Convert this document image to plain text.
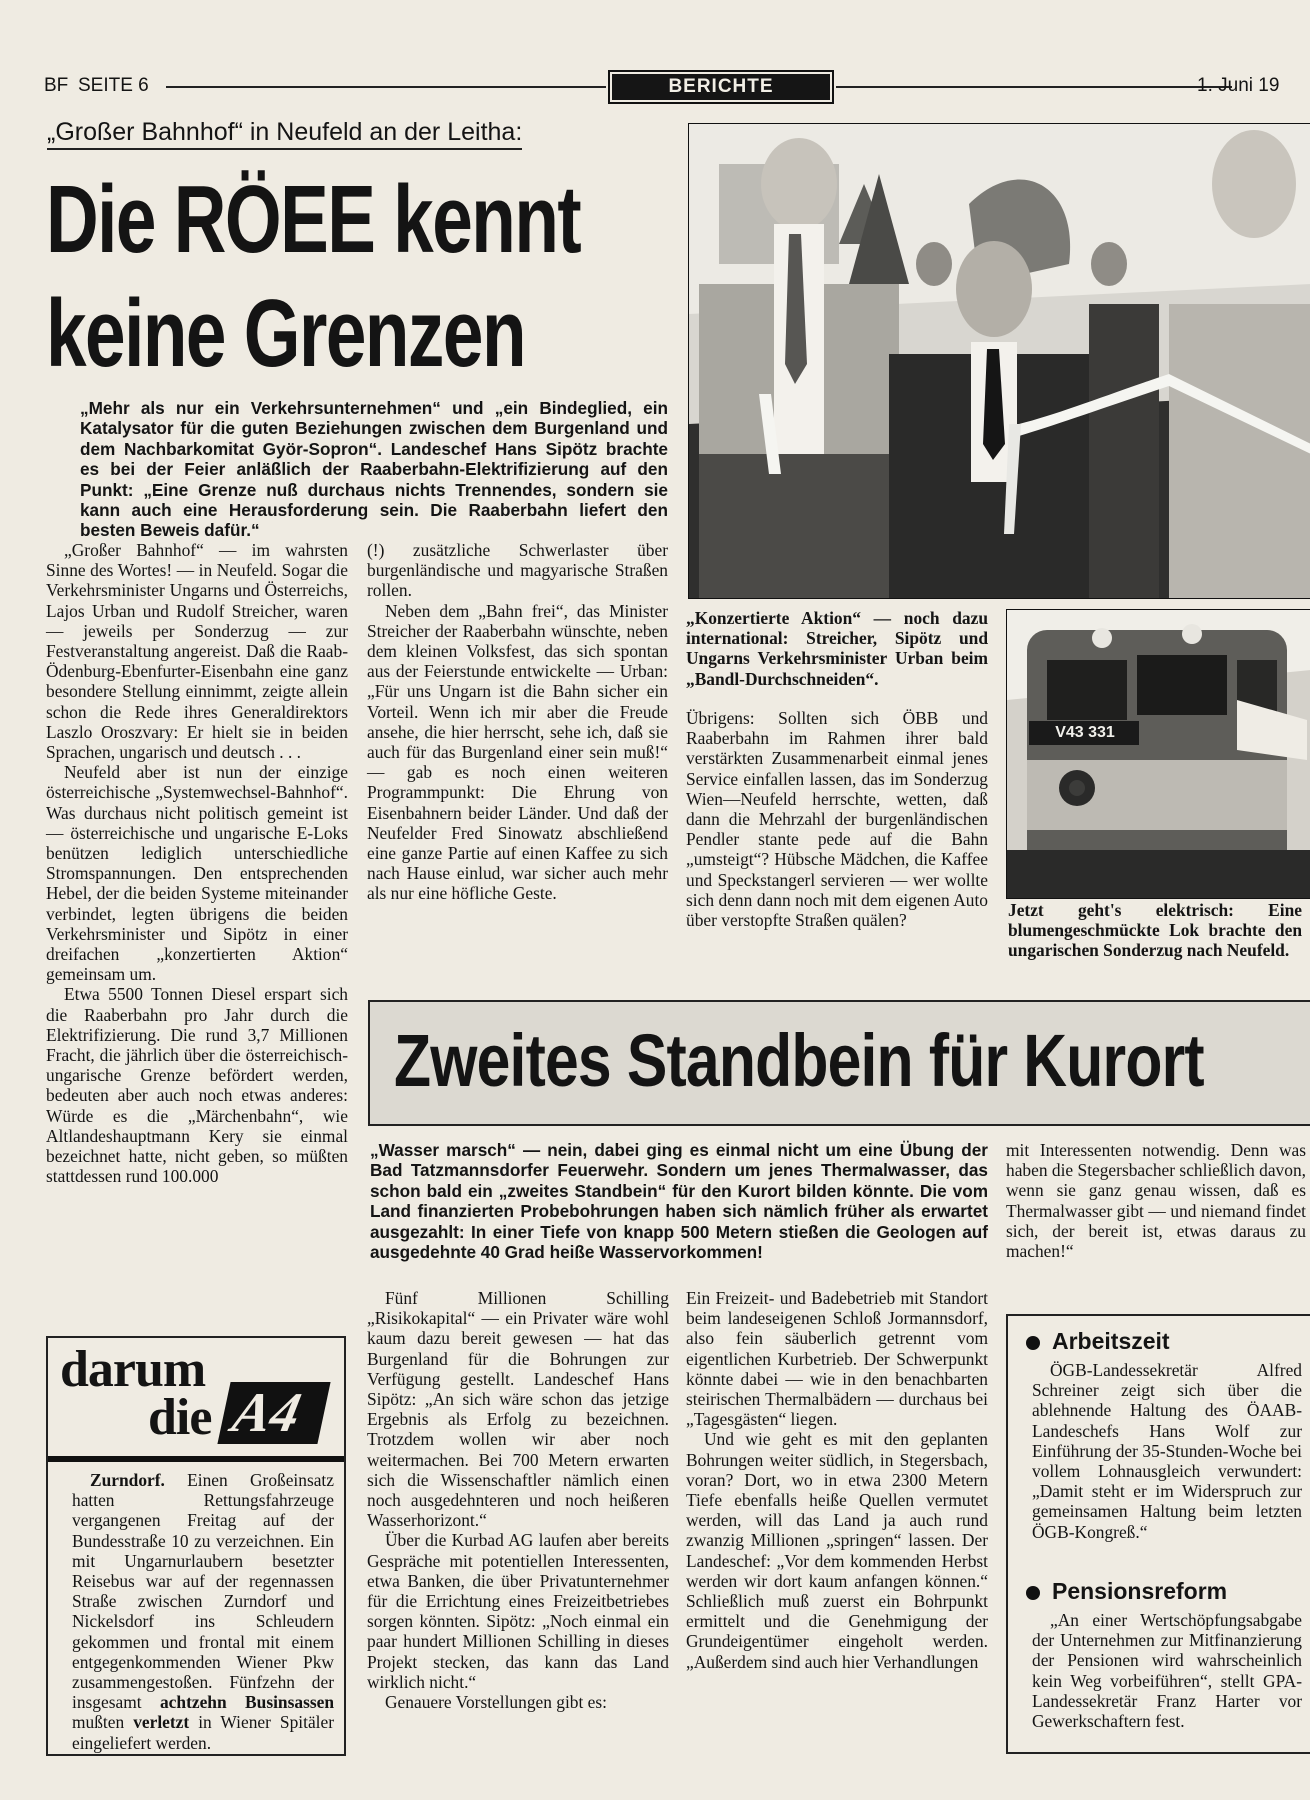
BF SEITE 6	BERICHTE	1. Juni 19
„Großer Bahnhof“ in Neufeld an der Leitha:
Die RÖEE kennt
keine Grenzen
„Mehr als nur ein Verkehrsunternehmen“ und „ein Bindeglied, ein Katalysator für die guten Beziehungen zwischen dem Burgenland und dem Nachbarkomitat Györ-Sopron“. Landeschef Hans Sipötz brachte es bei der Feier anläßlich der Raaberbahn-Elektrifizierung auf den Punkt: „Eine Grenze nuß durchaus nichts Trennendes, sondern sie kann auch eine Herausforderung sein. Die Raaberbahn liefert den besten Beweis dafür.“

„Großer Bahnhof“ — im wahrsten Sinne des Wortes! — in Neufeld. Sogar die Verkehrsminister Ungarns und Österreichs, Lajos Urban und Rudolf Streicher, waren — jeweils per Sonderzug — zur Festveranstaltung angereist. Daß die Raab-Ödenburg-Ebenfurter-Eisenbahn eine ganz besondere Stellung einnimmt, zeigte allein schon die Rede ihres Generaldirektors Laszlo Oroszvary: Er hielt sie in beiden Sprachen, ungarisch und deutsch . . .

Neufeld aber ist nun der einzige österreichische „Systemwechsel-Bahnhof“. Was durchaus nicht politisch gemeint ist — österreichische und ungarische E-Loks benützen lediglich unterschiedliche Stromspannungen. Den entsprechenden Hebel, der die beiden Systeme miteinander verbindet, legten übrigens die beiden Verkehrsminister und Sipötz in einer dreifachen „konzertierten Aktion“ gemeinsam um.

Etwa 5500 Tonnen Diesel erspart sich die Raaberbahn pro Jahr durch die Elektrifizierung. Die rund 3,7 Millionen Fracht, die jährlich über die österreichisch-ungarische Grenze befördert werden, bedeuten aber auch noch etwas anderes: Würde es die „Märchenbahn“, wie Altlandeshauptmann Kery sie einmal bezeichnet hatte, nicht geben, so müßten stattdessen rund 100.000

(!) zusätzliche Schwerlaster über burgenländische und magyarische Straßen rollen.

Neben dem „Bahn frei“, das Minister Streicher der Raaberbahn wünschte, neben dem kleinen Volksfest, das sich spontan aus der Feierstunde entwickelte — Urban: „Für uns Ungarn ist die Bahn sicher ein Vorteil. Wenn ich mir aber die Freude ansehe, die hier herrscht, sehe ich, daß sie auch für das Burgenland einer sein muß!“ — gab es noch einen weiteren Programmpunkt: Die Ehrung von Eisenbahnern beider Länder. Und daß der Neufelder Fred Sinowatz abschließend eine ganze Partie auf einen Kaffee zu sich nach Hause einlud, war sicher auch mehr als nur eine höfliche Geste.

„Konzertierte Aktion“ — noch dazu international: Streicher, Sipötz und Ungarns Verkehrsminister Urban beim „Bandl-Durchschneiden“.

Übrigens: Sollten sich ÖBB und Raaberbahn im Rahmen ihrer bald verstärkten Zusammenarbeit einmal jenes Service einfallen lassen, das im Sonderzug Wien—Neufeld herrschte, wetten, daß dann die Mehrzahl der burgenländischen Pendler stante pede auf die Bahn „umsteigt“? Hübsche Mädchen, die Kaffee und Speckstangerl servieren — wer wollte sich denn dann noch mit dem eigenen Auto über verstopfte Straßen quälen?

V43 331
Jetzt geht's elektrisch: Eine blumengeschmückte Lok brachte den ungarischen Sonderzug nach Neufeld.
Zweites Standbein für Kurort
„Wasser marsch“ — nein, dabei ging es einmal nicht um eine Übung der Bad Tatzmannsdorfer Feuerwehr. Sondern um jenes Thermalwasser, das schon bald ein „zweites Standbein“ für den Kurort bilden könnte. Die vom Land finanzierten Probebohrungen haben sich nämlich früher als erwartet ausgezahlt: In einer Tiefe von knapp 500 Metern stießen die Geologen auf ausgedehnte 40 Grad heiße Wasservorkommen!

Fünf Millionen Schilling „Risikokapital“ — ein Privater wäre wohl kaum dazu bereit gewesen — hat das Burgenland für die Bohrungen zur Verfügung gestellt. Landeschef Hans Sipötz: „An sich wäre schon das jetzige Ergebnis als Erfolg zu bezeichnen. Trotzdem wollen wir aber noch weitermachen. Bei 700 Metern erwarten sich die Wissenschaftler nämlich einen noch ausgedehnteren und noch heißeren Wasserhorizont.“

Über die Kurbad AG laufen aber bereits Gespräche mit potentiellen Interessenten, etwa Banken, die über Privatunternehmer für die Errichtung eines Freizeitbetriebes sorgen könnten. Sipötz: „Noch einmal ein paar hundert Millionen Schilling in dieses Projekt stecken, das kann das Land wirklich nicht.“

Genauere Vorstellungen gibt es:

Ein Freizeit- und Badebetrieb mit Standort beim landeseigenen Schloß Jormannsdorf, also fein säuberlich getrennt vom eigentlichen Kurbetrieb. Der Schwerpunkt könnte dabei — wie in den benachbarten steirischen Thermalbädern — durchaus bei „Tagesgästen“ liegen.

Und wie geht es mit den geplanten Bohrungen weiter südlich, in Stegersbach, voran? Dort, wo in etwa 2300 Metern Tiefe ebenfalls heiße Quellen vermutet werden, will das Land ja auch rund zwanzig Millionen „springen“ lassen. Der Landeschef: „Vor dem kommenden Herbst werden wir dort kaum anfangen können.“ Schließlich muß zuerst ein Bohrpunkt ermittelt und die Genehmigung der Grundeigentümer eingeholt werden. „Außerdem sind auch hier Verhandlungen

mit Interessenten notwendig. Denn was haben die Stegersbacher schließlich davon, wenn sie ganz genau wissen, daß es Thermalwasser gibt — und niemand findet sich, der bereit ist, etwas daraus zu machen!“

darum
die A4

Zurndorf. Einen Großeinsatz hatten Rettungsfahrzeuge vergangenen Freitag auf der Bundesstraße 10 zu verzeichnen. Ein mit Ungarnurlaubern besetzter Reisebus war auf der regennassen Straße zwischen Zurndorf und Nickelsdorf ins Schleudern gekommen und frontal mit einem entgegenkommenden Wiener Pkw zusammengestoßen. Fünfzehn der insgesamt achtzehn Businsassen mußten verletzt in Wiener Spitäler eingeliefert werden.

Arbeitszeit

ÖGB-Landessekretär Alfred Schreiner zeigt sich über die ablehnende Haltung des ÖAAB-Landeschefs Hans Wolf zur Einführung der 35-Stunden-Woche bei vollem Lohnausgleich verwundert: „Damit steht er im Widerspruch zur gemeinsamen Haltung beim letzten ÖGB-Kongreß.“

Pensionsreform

„An einer Wertschöpfungsabgabe der Unternehmen zur Mitfinanzierung der Pensionen wird wahrscheinlich kein Weg vorbeiführen“, stellt GPA-Landessekretär Franz Harter vor Gewerkschaftern fest.
